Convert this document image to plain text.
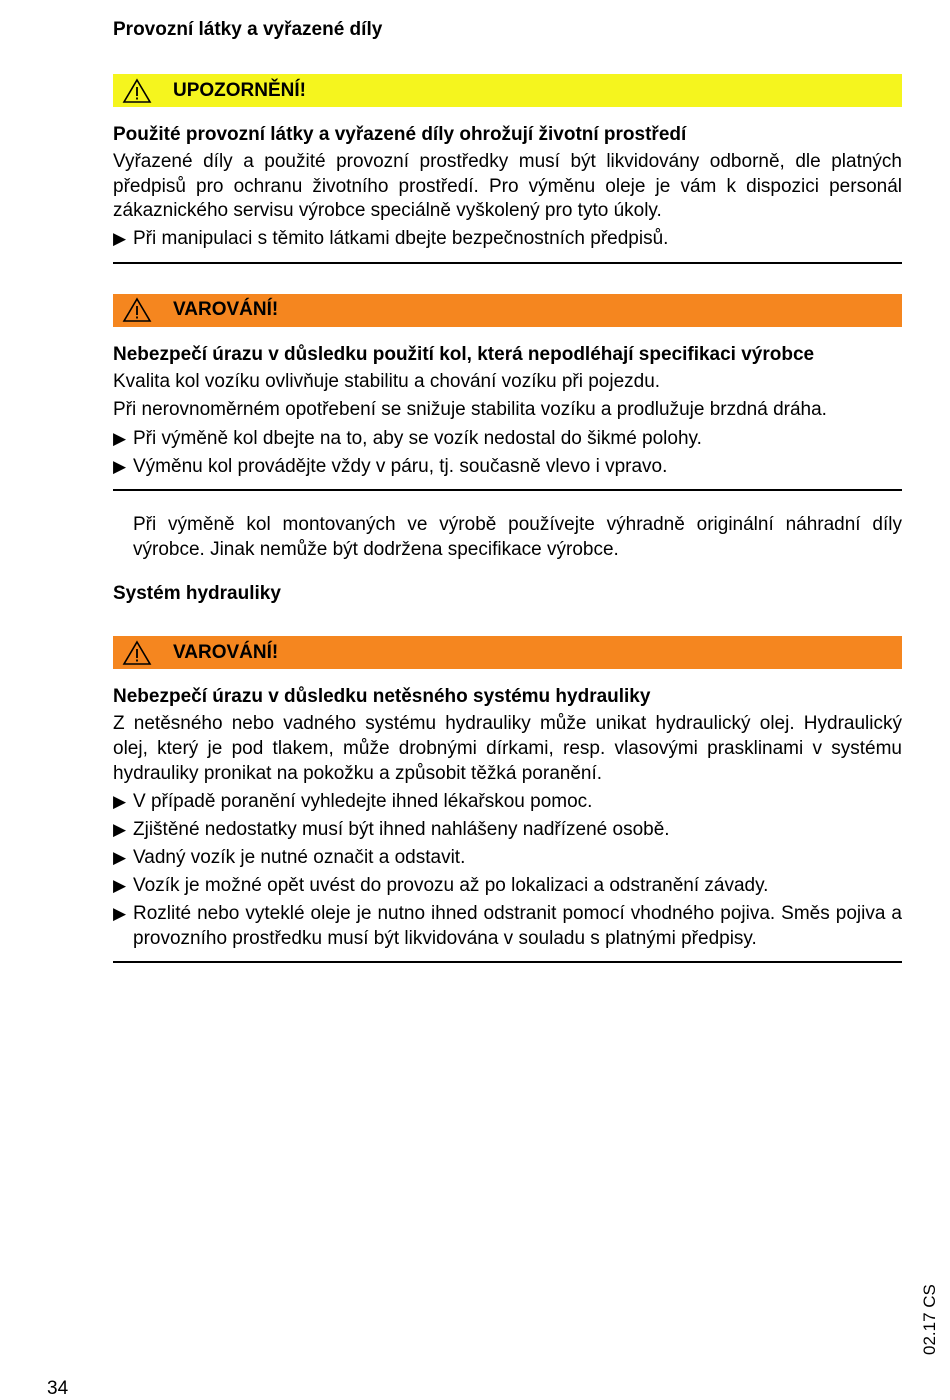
Provozní látky a vyřazené díly
UPOZORNĚNÍ!

Použité provozní látky a vyřazené díly ohrožují životní prostředí

Vyřazené díly a použité provozní prostředky musí být likvidovány odborně, dle platných předpisů pro ochranu životního prostředí. Pro výměnu oleje je vám k dispozici personál zákaznického servisu výrobce speciálně vyškolený pro tyto úkoly.

▶ Při manipulaci s těmito látkami dbejte bezpečnostních předpisů.
VAROVÁNÍ!

Nebezpečí úrazu v důsledku použití kol, která nepodléhají specifikaci výrobce

Kvalita kol vozíku ovlivňuje stabilitu a chování vozíku při pojezdu.

Při nerovnoměrném opotřebení se snižuje stabilita vozíku a prodlužuje brzdná dráha.

▶ Při výměně kol dbejte na to, aby se vozík nedostal do šikmé polohy.
▶ Výměnu kol provádějte vždy v páru, tj. současně vlevo i vpravo.

Při výměně kol montovaných ve výrobě používejte výhradně originální náhradní díly výrobce. Jinak nemůže být dodržena specifikace výrobce.

Systém hydrauliky
VAROVÁNÍ!

Nebezpečí úrazu v důsledku netěsného systému hydrauliky

Z netěsného nebo vadného systému hydrauliky může unikat hydraulický olej. Hydraulický olej, který je pod tlakem, může drobnými dírkami, resp. vlasovými prasklinami v systému hydrauliky pronikat na pokožku a způsobit těžká poranění.

▶ V případě poranění vyhledejte ihned lékařskou pomoc.
▶ Zjištěné nedostatky musí být ihned nahlášeny nadřízené osobě.
▶ Vadný vozík je nutné označit a odstavit.
▶ Vozík je možné opět uvést do provozu až po lokalizaci a odstranění závady.
▶ Rozlité nebo vyteklé oleje je nutno ihned odstranit pomocí vhodného pojiva. Směs pojiva a provozního prostředku musí být likvidována v souladu s platnými předpisy.
34
02.17 CS
